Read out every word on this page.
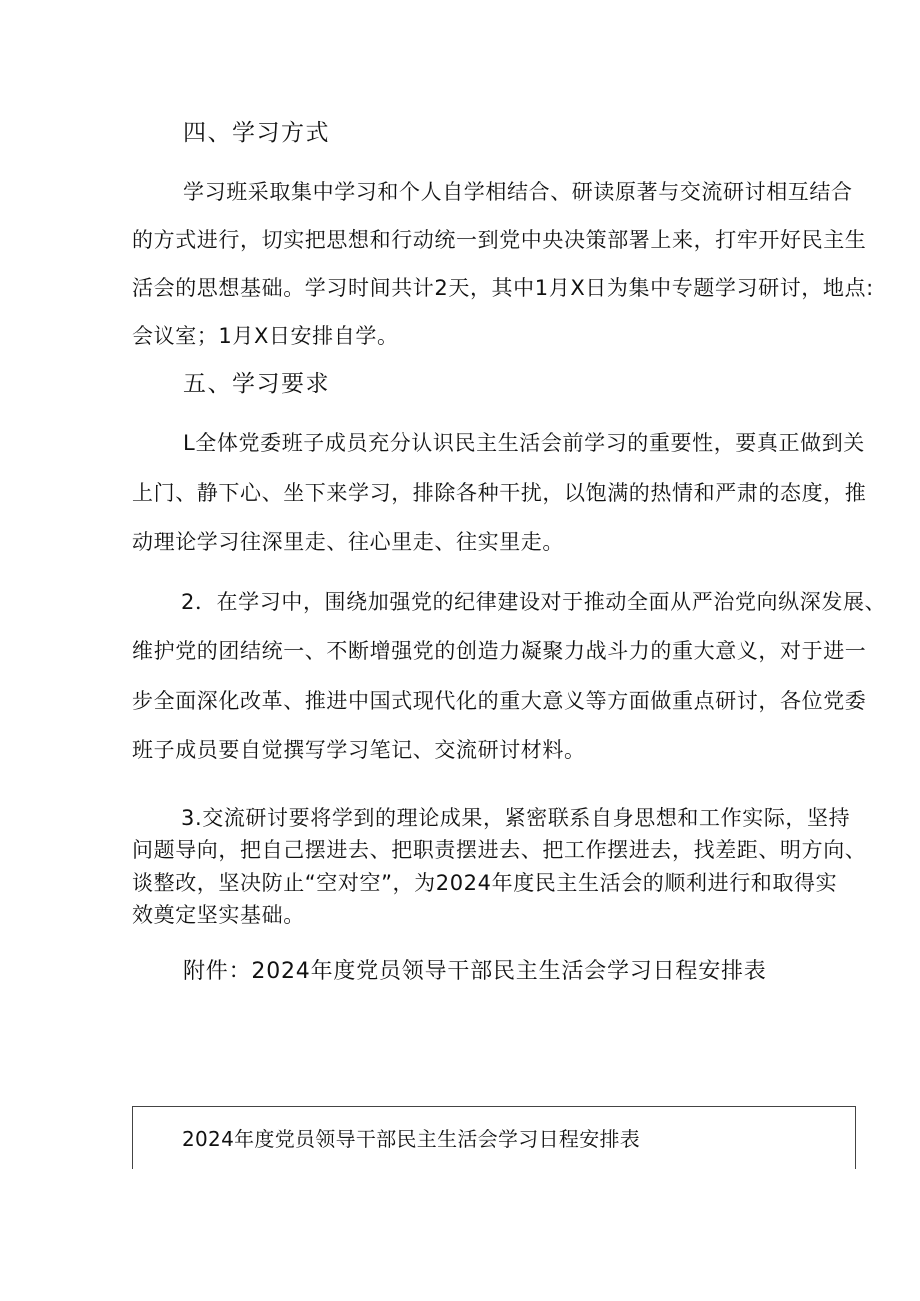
四、学习方式
学习班采取集中学习和个人自学相结合、研读原著与交流研讨相互结合
的方式进行，切实把思想和行动统一到党中央决策部署上来，打牢开好民主生
活会的思想基础。学习时间共计2天，其中1月X日为集中专题学习研讨，地点:
会议室；1月X日安排自学。
五、学习要求
L全体党委班子成员充分认识民主生活会前学习的重要性，要真正做到关
上门、静下心、坐下来学习，排除各种干扰，以饱满的热情和严肃的态度，推
动理论学习往深里走、往心里走、往实里走。
2．在学习中，围绕加强党的纪律建设对于推动全面从严治党向纵深发展、
维护党的团结统一、不断增强党的创造力凝聚力战斗力的重大意义，对于进一
步全面深化改革、推进中国式现代化的重大意义等方面做重点研讨，各位党委
班子成员要自觉撰写学习笔记、交流研讨材料。
3.交流研讨要将学到的理论成果，紧密联系自身思想和工作实际，坚持
问题导向，把自己摆进去、把职责摆进去、把工作摆进去，找差距、明方向、
谈整改，坚决防止“空对空”，为2024年度民主生活会的顺利进行和取得实
效奠定坚实基础。
附件：2024年度党员领导干部民主生活会学习日程安排表
2024年度党员领导干部民主生活会学习日程安排表
